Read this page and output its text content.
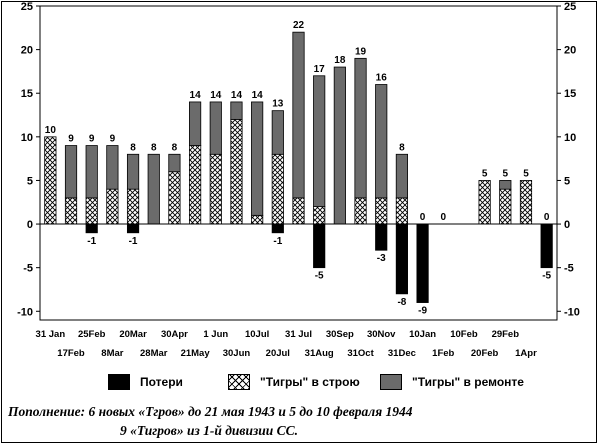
-10	-10
-5	-5
0	0
5	5
10	10
15	15
20	20
25	25
10
9 9
-1
9
8
-1
8 8
14 14 14 14
13
-1
22
17
-5
18
19
16
-3
8
-8
0
-9
0
5 5 5
0
-5
31 Jan 25Feb 20Mar 30Apr 1 Jun 10Jul 31 Jul 30Sep 30Nov 10Jan 10Feb 29Feb
17Feb 8Mar 28Mar 21May 30Jun 20Jul 31Aug 31Oct 31Dec 1Feb 20Feb 1Apr
Потери	"Тигры" в строю	"Тигры" в ремонте
Пополнение: 6 новых «Тгров» до 21 мая 1943 и 5 до 10 февраля 1944
9 «Тигров» из 1-й дивизии СС.
